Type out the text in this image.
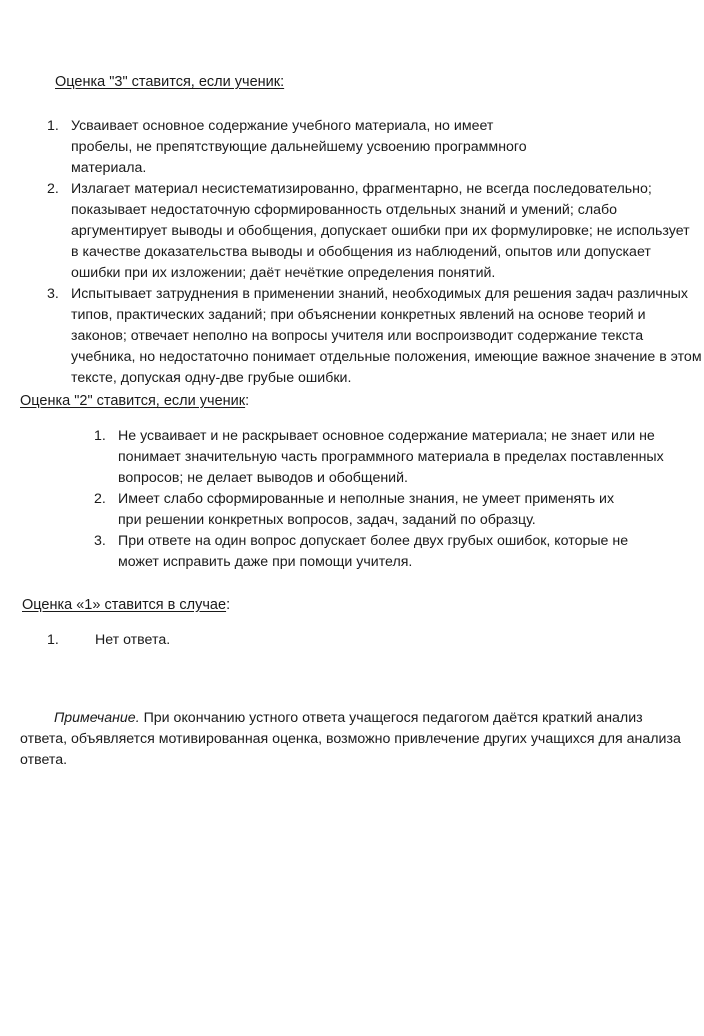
Оценка "3" ставится, если ученик:
1. Усваивает основное содержание учебного материала, но имеет пробелы, не препятствующие дальнейшему усвоению программного материала.
2. Излагает материал несистематизированно, фрагментарно, не всегда последовательно; показывает недостаточную сформированность отдельных знаний и умений; слабо аргументирует выводы и обобщения, допускает ошибки при их формулировке; не использует в качестве доказательства выводы и обобщения из наблюдений, опытов или допускает ошибки при их изложении; даёт нечёткие определения понятий.
3. Испытывает затруднения в применении знаний, необходимых для решения задач различных типов, практических заданий; при объяснении конкретных явлений на основе теорий и законов; отвечает неполно на вопросы учителя или воспроизводит содержание текста учебника, но недостаточно понимает отдельные положения, имеющие важное значение в этом тексте, допуская одну-две грубые ошибки.
Оценка "2" ставится, если ученик:
1. Не усваивает и не раскрывает основное содержание материала; не знает или не понимает значительную часть программного материала в пределах поставленных вопросов; не делает выводов и обобщений.
2. Имеет слабо сформированные и неполные знания, не умеет применять их при решении конкретных вопросов, задач, заданий по образцу.
3. При ответе на один вопрос допускает более двух грубых ошибок, которые не может исправить даже при помощи учителя.
Оценка «1» ставится в случае:
1.	Нет ответа.

Примечание. При окончанию устного ответа учащегося педагогом даётся краткий анализ      ответа, объявляется мотивированная оценка, возможно привлечение других учащихся для анализа ответа.
